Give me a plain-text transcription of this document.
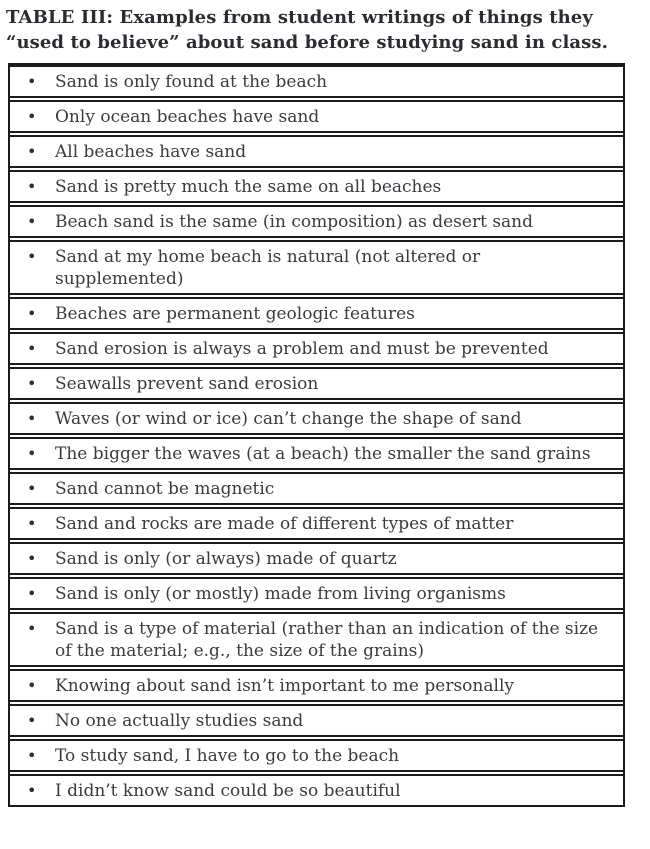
TABLE III: Examples from student writings of things they “used to believe” about sand before studying sand in class.
•	Sand is only found at the beach
•	Only ocean beaches have sand
•	All beaches have sand
•	Sand is pretty much the same on all beaches
•	Beach sand is the same (in composition) as desert sand
•	Sand at my home beach is natural (not altered or supplemented)
•	Beaches are permanent geologic features
•	Sand erosion is always a problem and must be prevented
•	Seawalls prevent sand erosion
•	Waves (or wind or ice) can’t change the shape of sand
•	The bigger the waves (at a beach) the smaller the sand grains
•	Sand cannot be magnetic
•	Sand and rocks are made of different types of matter
•	Sand is only (or always) made of quartz
•	Sand is only (or mostly) made from living organisms
•	Sand is a type of material (rather than an indication of the size of the material; e.g., the size of the grains)
•	Knowing about sand isn’t important to me personally
•	No one actually studies sand
•	To study sand, I have to go to the beach
•	I didn’t know sand could be so beautiful
